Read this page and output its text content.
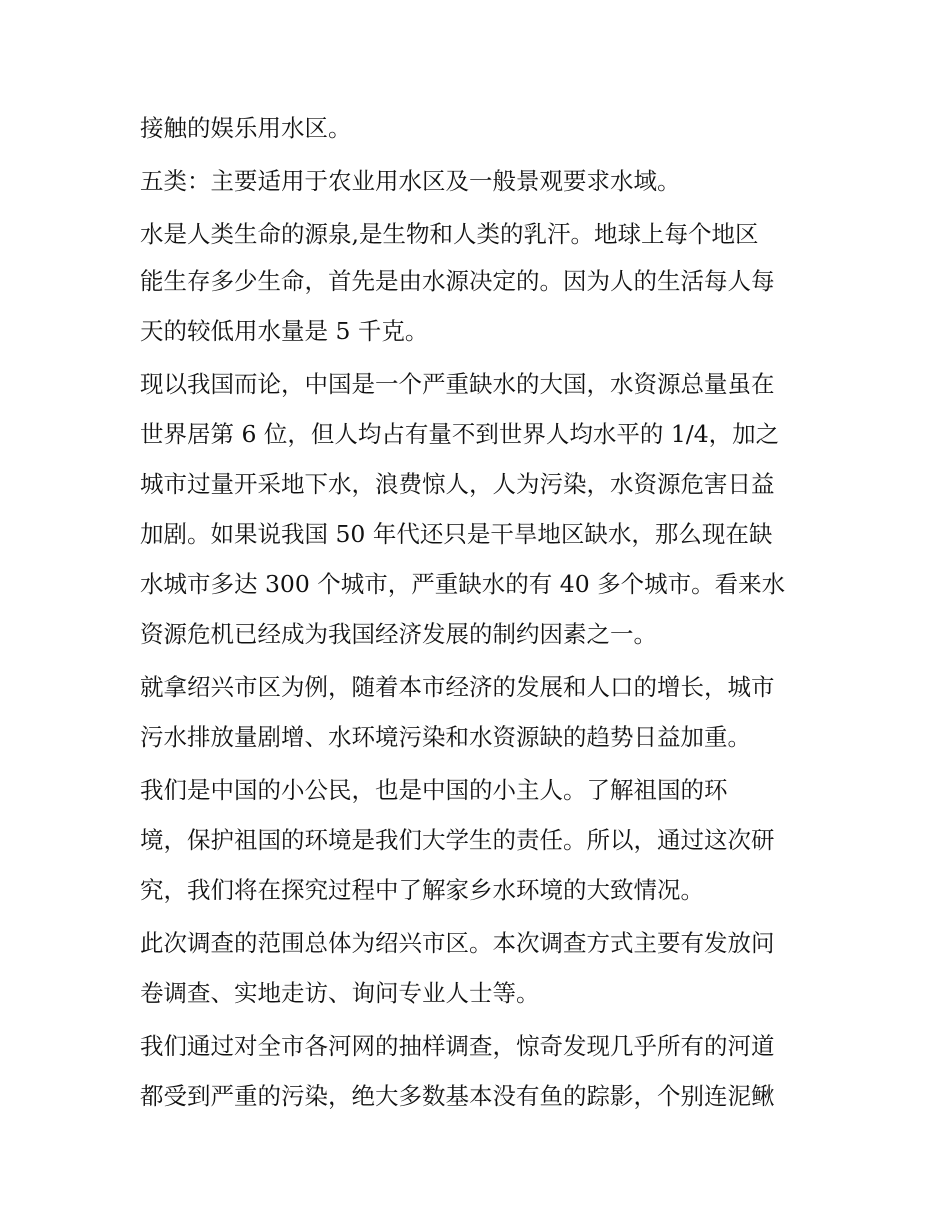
接触的娱乐用水区。

五类：主要适用于农业用水区及一般景观要求水域。

水是人类生命的源泉,是生物和人类的乳汗。地球上每个地区

能生存多少生命，首先是由水源决定的。因为人的生活每人每

天的较低用水量是 5 千克。

现以我国而论，中国是一个严重缺水的大国，水资源总量虽在

世界居第 6 位，但人均占有量不到世界人均水平的 1/4，加之

城市过量开采地下水，浪费惊人，人为污染，水资源危害日益

加剧。如果说我国 50 年代还只是干旱地区缺水，那么现在缺

水城市多达 300 个城市，严重缺水的有 40 多个城市。看来水

资源危机已经成为我国经济发展的制约因素之一。

就拿绍兴市区为例，随着本市经济的发展和人口的增长，城市

污水排放量剧增、水环境污染和水资源缺的趋势日益加重。

我们是中国的小公民，也是中国的小主人。了解祖国的环

境，保护祖国的环境是我们大学生的责任。所以，通过这次研

究，我们将在探究过程中了解家乡水环境的大致情况。

此次调查的范围总体为绍兴市区。本次调查方式主要有发放问

卷调查、实地走访、询问专业人士等。

我们通过对全市各河网的抽样调查，惊奇发现几乎所有的河道

都受到严重的污染，绝大多数基本没有鱼的踪影，个别连泥鳅
